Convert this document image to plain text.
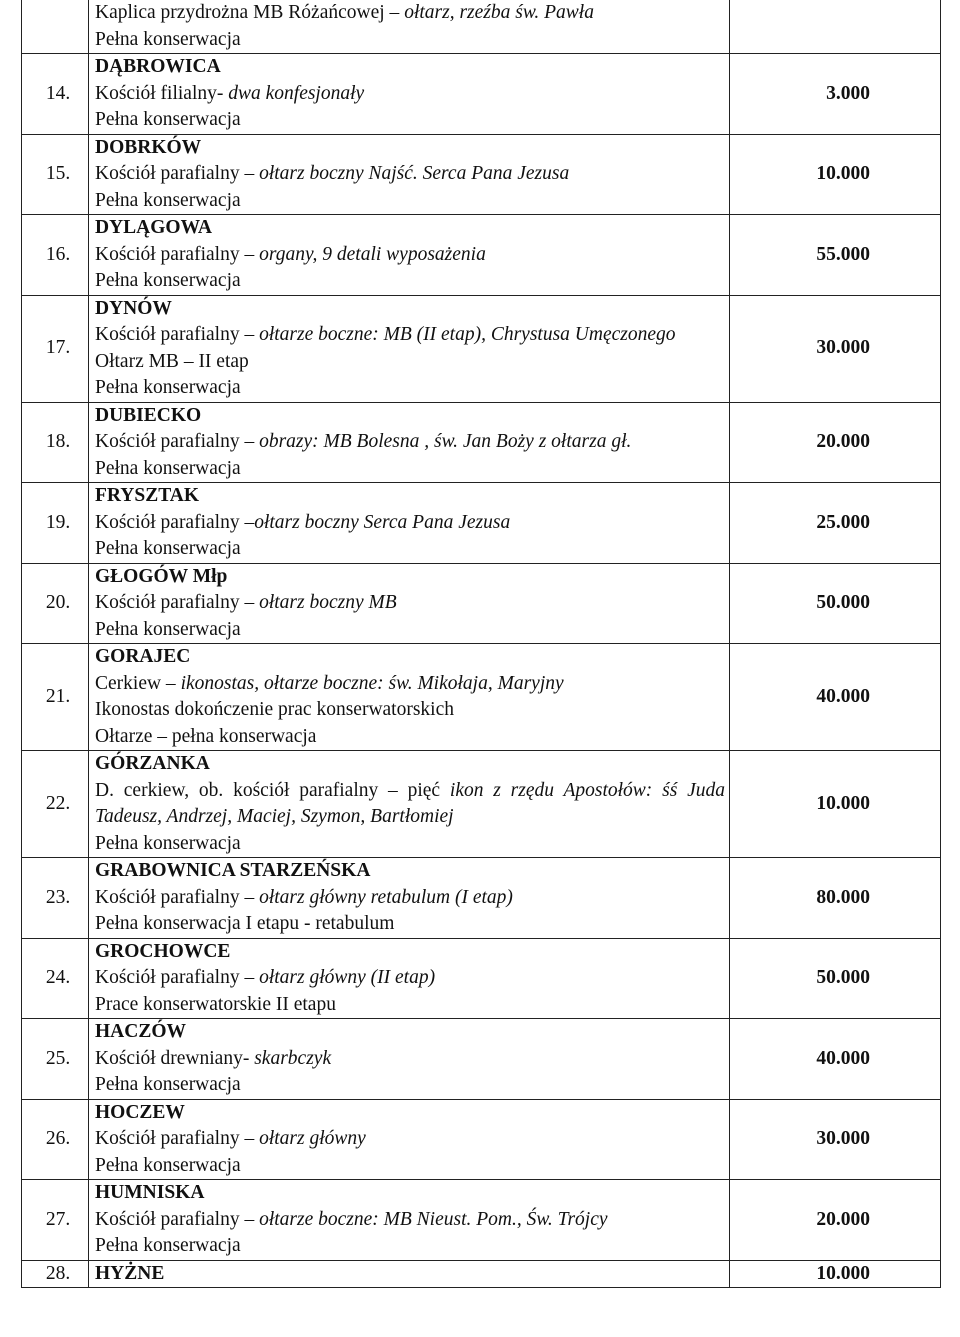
	Kaplica przydrożna MB Różańcowej – ołtarz, rzeźba św. Pawła
Pełna konserwacja	

14.	DĄBROWICA
Kościół filialny- dwa konfesjonały
Pełna konserwacja	3.000
15.	DOBRKÓW
Kościół parafialny – ołtarz boczny Najść. Serca Pana Jezusa
Pełna konserwacja	10.000
16.	DYLĄGOWA
Kościół parafialny – organy, 9 detali wyposażenia
Pełna konserwacja	55.000
17.	DYNÓW
Kościół parafialny – ołtarze boczne: MB (II etap), Chrystusa Umęczonego
Ołtarz MB – II etap
Pełna konserwacja	30.000
18.	DUBIECKO
Kościół parafialny – obrazy: MB Bolesna , św. Jan Boży z ołtarza gł.
Pełna konserwacja	20.000
19.	FRYSZTAK
Kościół parafialny –ołtarz boczny Serca Pana Jezusa
Pełna konserwacja	25.000
20.	GŁOGÓW Młp
Kościół parafialny – ołtarz boczny MB
Pełna konserwacja	50.000
21.	GORAJEC
Cerkiew – ikonostas, ołtarze boczne: św. Mikołaja, Maryjny
Ikonostas dokończenie prac konserwatorskich
Ołtarze – pełna konserwacja	40.000
22.	GÓRZANKA
D. cerkiew, ob. kościół parafialny – pięć ikon z rzędu Apostołów: śś Juda Tadeusz, Andrzej, Maciej, Szymon, Bartłomiej
Pełna konserwacja	10.000
23.	GRABOWNICA STARZEŃSKA
Kościół parafialny – ołtarz główny retabulum (I etap)
Pełna konserwacja I etapu - retabulum	80.000
24.	GROCHOWCE
Kościół parafialny – ołtarz główny (II etap)
Prace konserwatorskie II etapu	50.000
25.	HACZÓW
Kościół drewniany- skarbczyk
Pełna konserwacja	40.000
26.	HOCZEW
Kościół parafialny – ołtarz główny
Pełna konserwacja	30.000
27.	HUMNISKA
Kościół parafialny – ołtarze boczne: MB Nieust. Pom., Św. Trójcy
Pełna konserwacja	20.000
28.	HYŻNE	10.000
